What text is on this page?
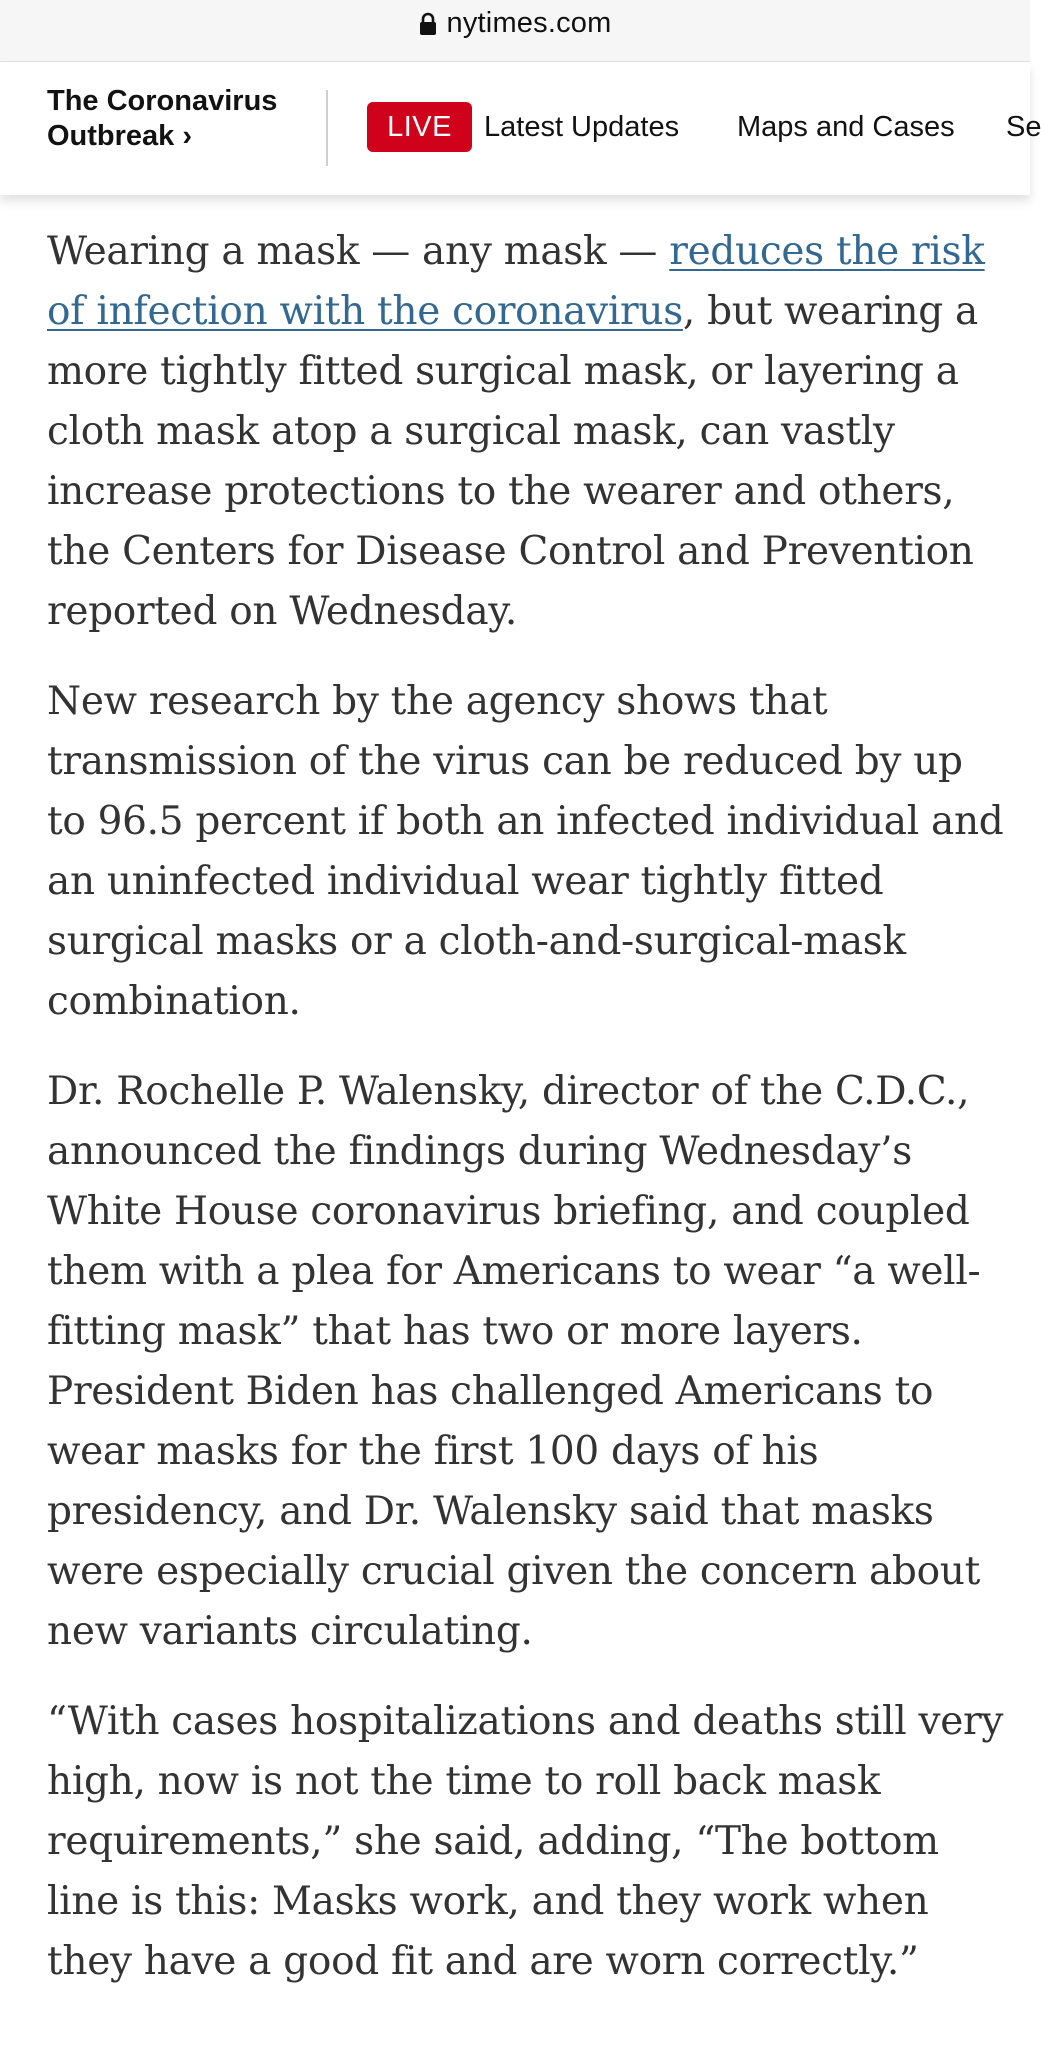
nytimes.com
The Coronavirus Outbreak ›	LIVE	Latest Updates Maps and Cases Se

Wearing a mask — any mask — reduces the risk of infection with the coronavirus, but wearing a more tightly fitted surgical mask, or layering a cloth mask atop a surgical mask, can vastly increase protections to the wearer and others, the Centers for Disease Control and Prevention reported on Wednesday.

New research by the agency shows that transmission of the virus can be reduced by up to 96.5 percent if both an infected individual and an uninfected individual wear tightly fitted surgical masks or a cloth-and-surgical-mask combination.

Dr. Rochelle P. Walensky, director of the C.D.C., announced the findings during Wednesday’s White House coronavirus briefing, and coupled them with a plea for Americans to wear “a well-fitting mask” that has two or more layers. President Biden has challenged Americans to wear masks for the first 100 days of his presidency, and Dr. Walensky said that masks were especially crucial given the concern about new variants circulating.

“With cases hospitalizations and deaths still very high, now is not the time to roll back mask requirements,” she said, adding, “The bottom line is this: Masks work, and they work when they have a good fit and are worn correctly.”
